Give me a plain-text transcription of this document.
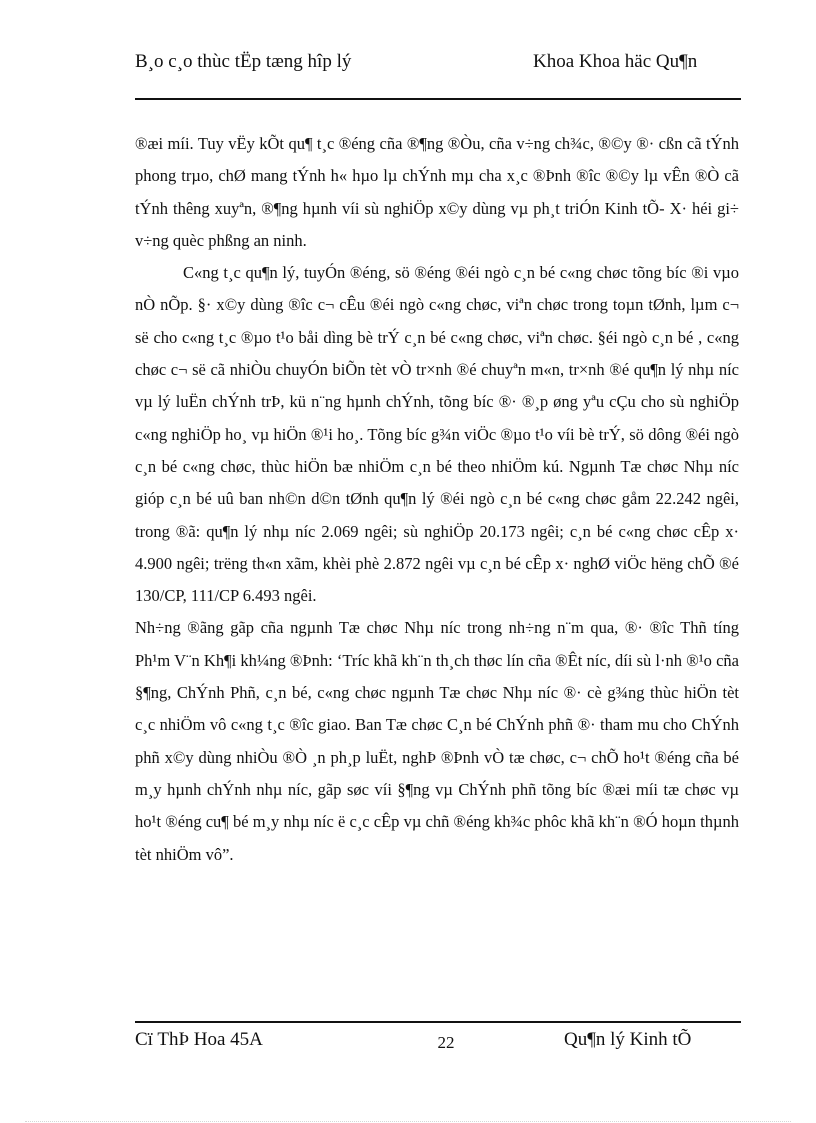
B¸o c¸o thùc tËp tæng hîp lý	Khoa Khoa häc Qu¶n

®æi míi. Tuy vËy kÕt qu¶ t¸c ®éng cña ®¶ng ®Òu, cña v÷ng ch¾c, ®©y ®· cßn cã tÝnh phong trµo, chØ mang tÝnh h« hµo lµ chÝnh mµ cha x¸c ®Þnh ®îc ®©y lµ vÊn ®Ò cã tÝnh thêng xuyªn, ®¶ng hµnh víi sù nghiÖp x©y dùng vµ ph¸t triÓn Kinh tÕ- X· héi gi÷ v÷ng quèc phßng an ninh.

C«ng t¸c qu¶n lý, tuyÓn ®éng, sö ®éng ®éi ngò c¸n bé c«ng chøc tõng bíc ®i vµo nÒ nÕp. §· x©y dùng ®îc c¬ cÊu ®éi ngò c«ng chøc, viªn chøc trong toµn tØnh, lµm c¬ së cho c«ng t¸c ®µo t¹o båi dìng bè trÝ c¸n bé c«ng chøc, viªn chøc. §éi ngò c¸n bé , c«ng chøc c¬ së cã nhiÒu chuyÓn biÕn tèt vÒ tr×nh ®é chuyªn m«n, tr×nh ®é qu¶n lý nhµ níc vµ lý luËn chÝnh trÞ, kü n¨ng hµnh chÝnh, tõng bíc ®· ®¸p øng yªu cÇu cho sù nghiÖp c«ng nghiÖp ho¸ vµ hiÖn ®¹i ho¸. Tõng bíc g¾n viÖc ®µo t¹o víi bè trÝ, sö dông ®éi ngò c¸n bé c«ng chøc, thùc hiÖn bæ nhiÖm c¸n bé theo nhiÖm kú. Ngµnh Tæ chøc Nhµ níc gióp c¸n bé uû ban nh©n d©n tØnh qu¶n lý ®éi ngò c¸n bé c«ng chøc gåm 22.242 ngêi, trong ®ã: qu¶n lý nhµ níc 2.069 ngêi; sù nghiÖp 20.173 ngêi; c¸n bé c«ng chøc cÊp x· 4.900 ngêi; trëng th«n xãm, khèi phè 2.872 ngêi vµ c¸n bé cÊp x· nghØ viÖc hëng chÕ ®é 130/CP, 111/CP 6.493 ngêi.

Nh÷ng ®ãng gãp cña ngµnh Tæ chøc Nhµ níc trong nh÷ng n¨m qua, ®· ®îc Thñ tíng Ph¹m V¨n Kh¶i kh¼ng ®Þnh: ‘Tríc khã kh¨n th¸ch thøc lín cña ®Êt níc, díi sù l·nh ®¹o cña §¶ng, ChÝnh Phñ, c¸n bé, c«ng chøc ngµnh Tæ chøc Nhµ níc ®· cè g¾ng thùc hiÖn tèt c¸c nhiÖm vô c«ng t¸c ®îc giao. Ban Tæ chøc C¸n bé ChÝnh phñ ®· tham mu cho ChÝnh phñ x©y dùng nhiÒu ®Ò ¸n ph¸p luËt, nghÞ ®Þnh vÒ tæ chøc, c¬ chÕ ho¹t ®éng cña bé m¸y hµnh chÝnh nhµ níc, gãp søc víi §¶ng vµ ChÝnh phñ tõng bíc ®æi míi tæ chøc vµ ho¹t ®éng cu¶ bé m¸y nhµ níc ë c¸c cÊp vµ chñ ®éng kh¾c phôc khã kh¨n ®Ó hoµn thµnh tèt nhiÖm vô”.

Cï ThÞ Hoa 45A	22	Qu¶n lý Kinh tÕ
